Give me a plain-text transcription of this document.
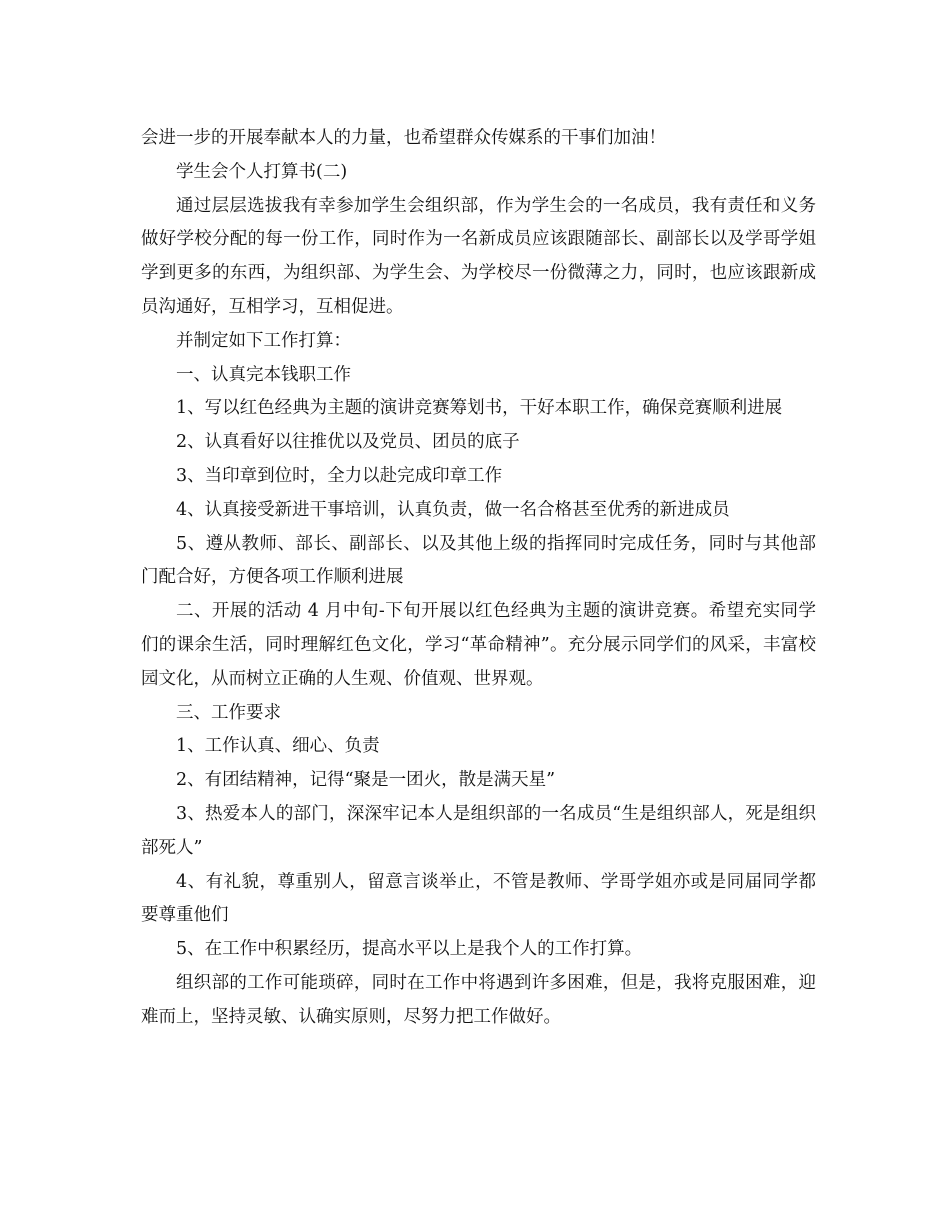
会进一步的开展奉献本人的力量，也希望群众传媒系的干事们加油！

学生会个人打算书(二)

通过层层选拔我有幸参加学生会组织部，作为学生会的一名成员，我有责任和义务做好学校分配的每一份工作，同时作为一名新成员应该跟随部长、副部长以及学哥学姐学到更多的东西，为组织部、为学生会、为学校尽一份微薄之力，同时，也应该跟新成员沟通好，互相学习，互相促进。

并制定如下工作打算：

一、认真完本钱职工作

1、写以红色经典为主题的演讲竞赛筹划书，干好本职工作，确保竞赛顺利进展

2、认真看好以往推优以及党员、团员的底子

3、当印章到位时，全力以赴完成印章工作

4、认真接受新进干事培训，认真负责，做一名合格甚至优秀的新进成员

5、遵从教师、部长、副部长、以及其他上级的指挥同时完成任务，同时与其他部门配合好，方便各项工作顺利进展

二、开展的活动 4 月中旬-下旬开展以红色经典为主题的演讲竞赛。希望充实同学们的课余生活，同时理解红色文化，学习“革命精神”。充分展示同学们的风采，丰富校园文化，从而树立正确的人生观、价值观、世界观。

三、工作要求

1、工作认真、细心、负责

2、有团结精神，记得“聚是一团火，散是满天星”

3、热爱本人的部门，深深牢记本人是组织部的一名成员“生是组织部人，死是组织部死人”

4、有礼貌，尊重别人，留意言谈举止，不管是教师、学哥学姐亦或是同届同学都要尊重他们

5、在工作中积累经历，提高水平以上是我个人的工作打算。

组织部的工作可能琐碎，同时在工作中将遇到许多困难，但是，我将克服困难，迎难而上，坚持灵敏、认确实原则，尽努力把工作做好。
